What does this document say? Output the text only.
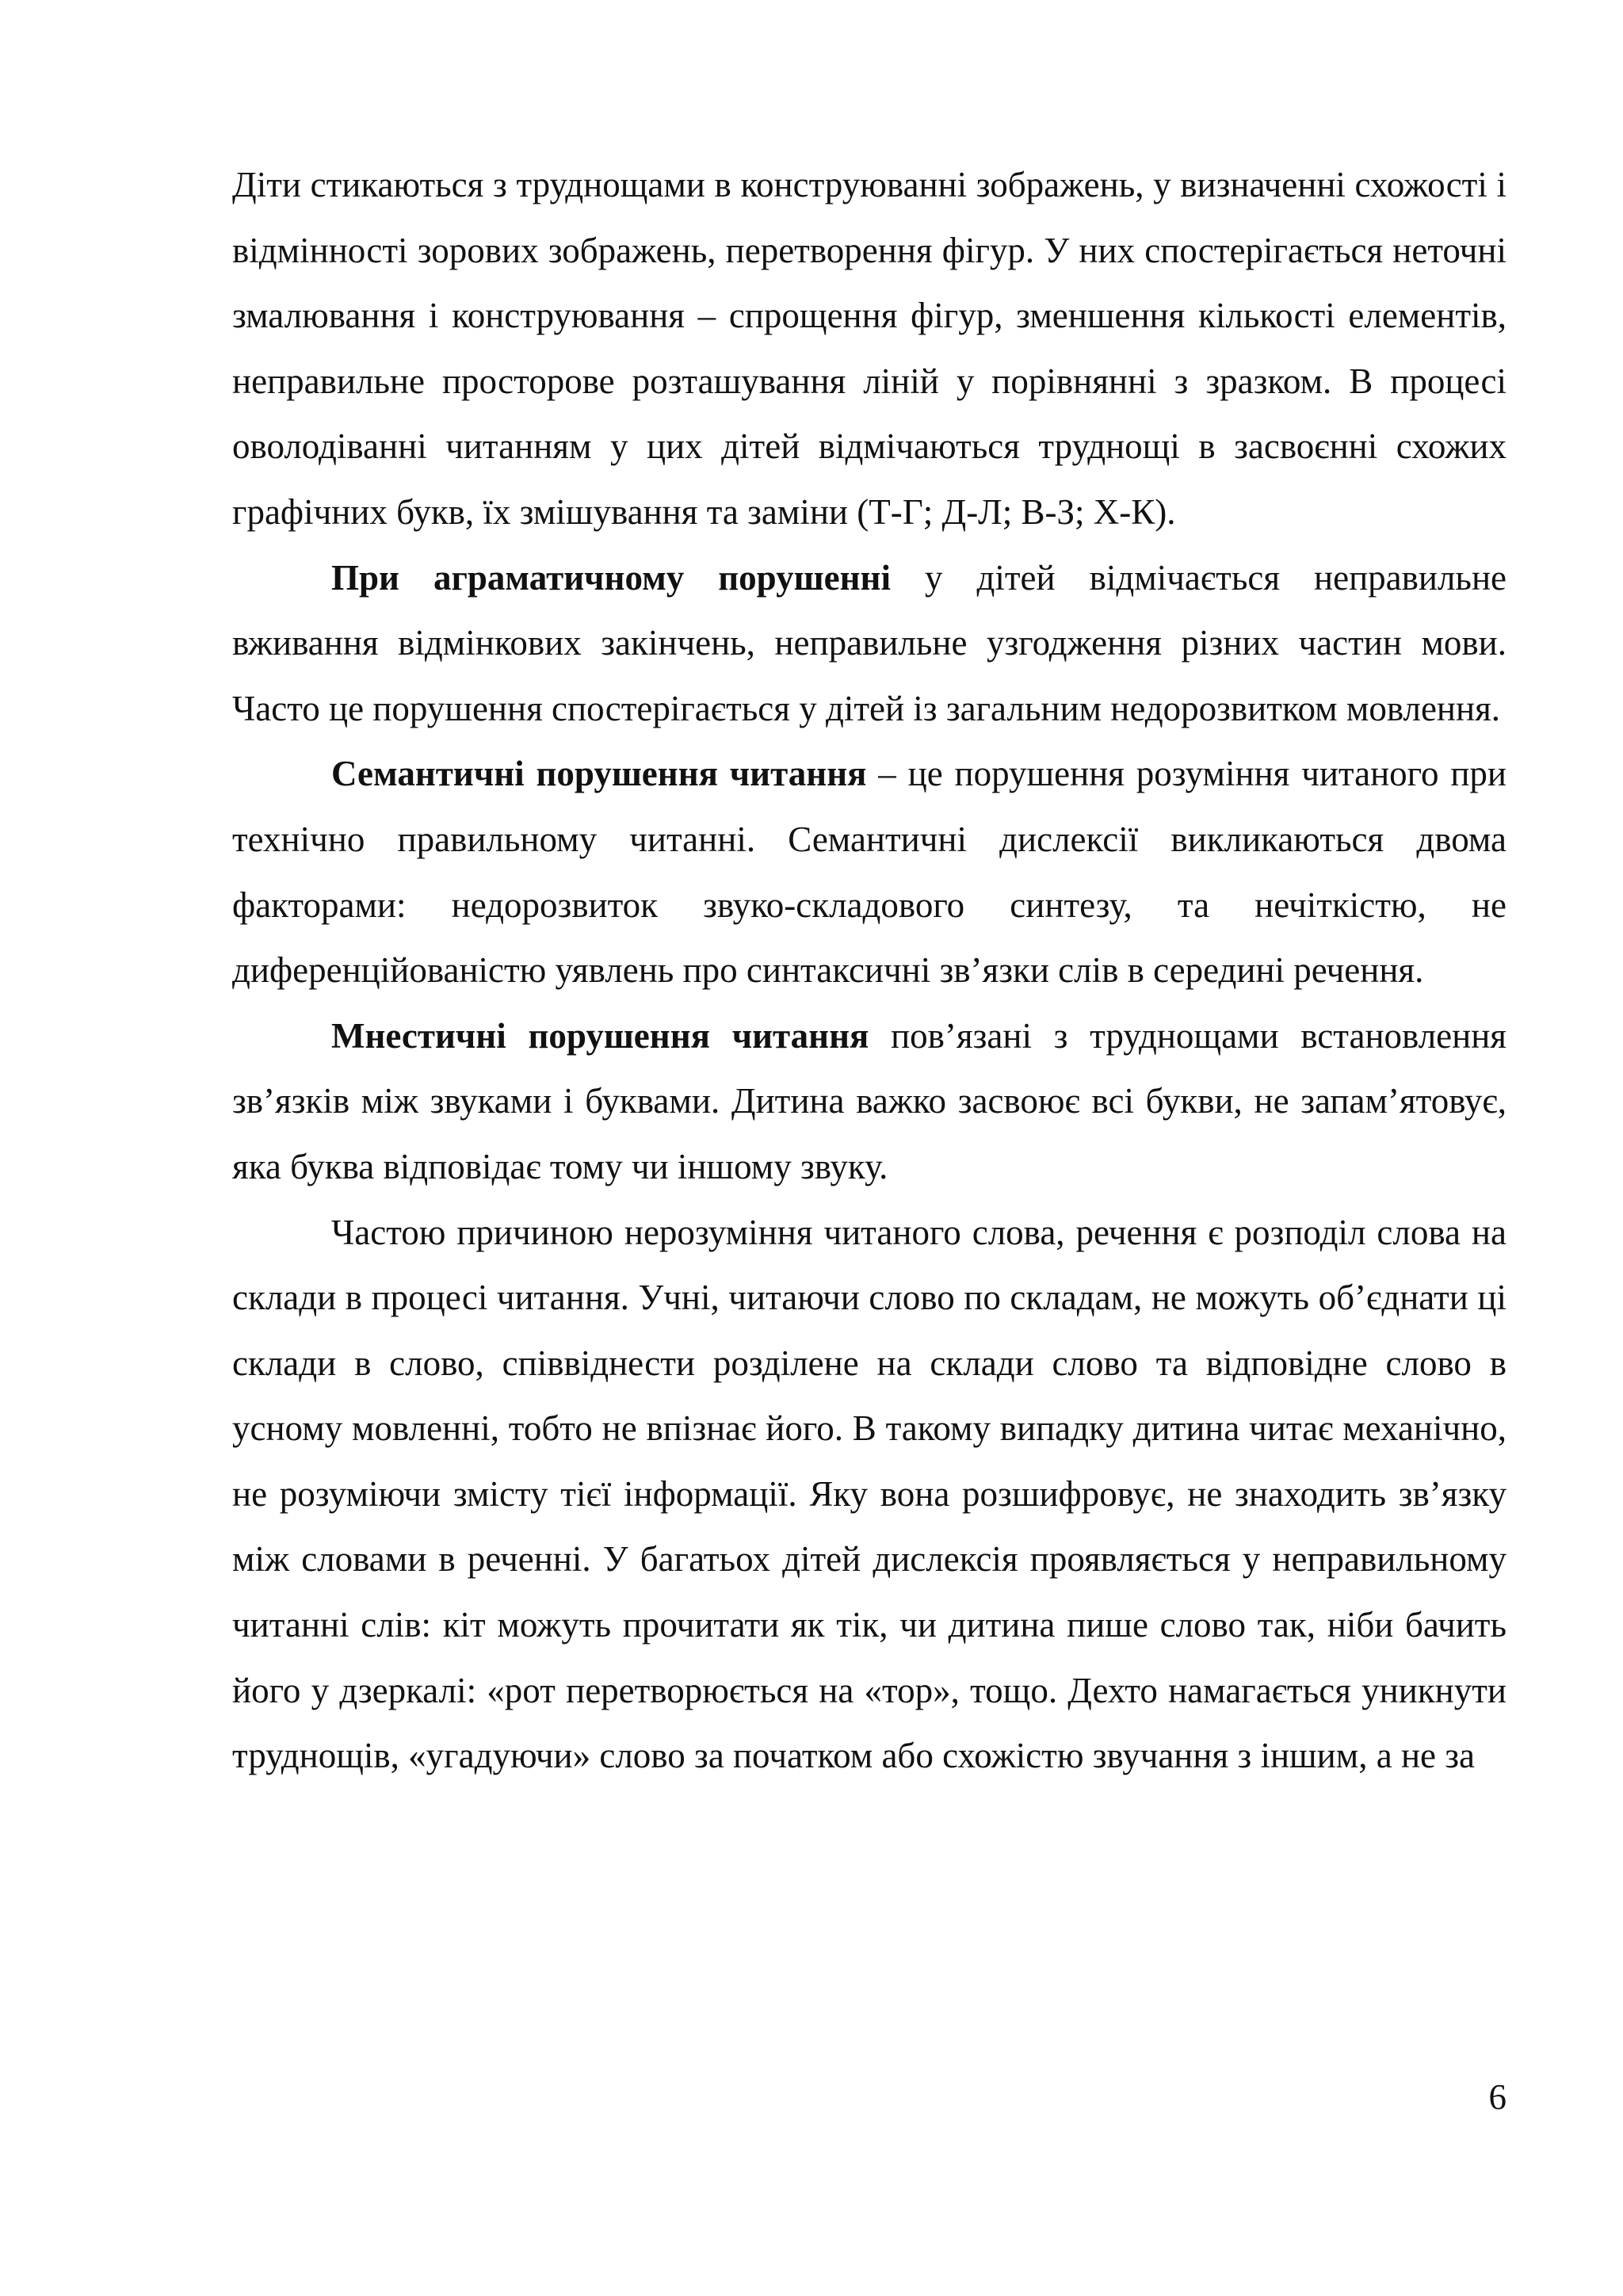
Діти стикаються з труднощами в конструюванні зображень, у визначенні схожості і відмінності зорових зображень, перетворення фігур. У них спостерігається неточні змалювання і конструювання – спрощення фігур, зменшення кількості елементів, неправильне просторове розташування ліній у порівнянні з зразком. В процесі оволодіванні читанням у цих дітей відмічаються труднощі в засвоєнні схожих графічних букв, їх змішування та заміни (Т-Г; Д-Л; В-З; Х-К).

При аграматичному порушенні у дітей відмічається неправильне вживання відмінкових закінчень, неправильне узгодження різних частин мови. Часто це порушення спостерігається у дітей із загальним недорозвитком мовлення.

Семантичні порушення читання – це порушення розуміння читаного при технічно правильному читанні. Семантичні дислексії викликаються двома факторами: недорозвиток звуко-складового синтезу, та нечіткістю, не диференційованістю уявлень про синтаксичні зв’язки слів в середині речення.

Мнестичні порушення читання пов’язані з труднощами встановлення зв’язків між звуками і буквами. Дитина важко засвоює всі букви, не запам’ятовує, яка буква відповідає тому чи іншому звуку.

Частою причиною нерозуміння читаного слова, речення є розподіл слова на склади в процесі читання. Учні, читаючи слово по складам, не можуть об’єднати ці склади в слово, співвіднести розділене на склади слово та відповідне слово в усному мовленні, тобто не впізнає його. В такому випадку дитина читає механічно, не розуміючи змісту тієї інформації. Яку вона розшифровує, не знаходить зв’язку між словами в реченні. У багатьох дітей дислексія проявляється у неправильному читанні слів: кіт можуть прочитати як тік, чи дитина пише слово так, ніби бачить його у дзеркалі: «рот перетворюється на «тор», тощо. Дехто намагається уникнути труднощів, «угадуючи» слово за початком або схожістю звучання з іншим, а не за

6
